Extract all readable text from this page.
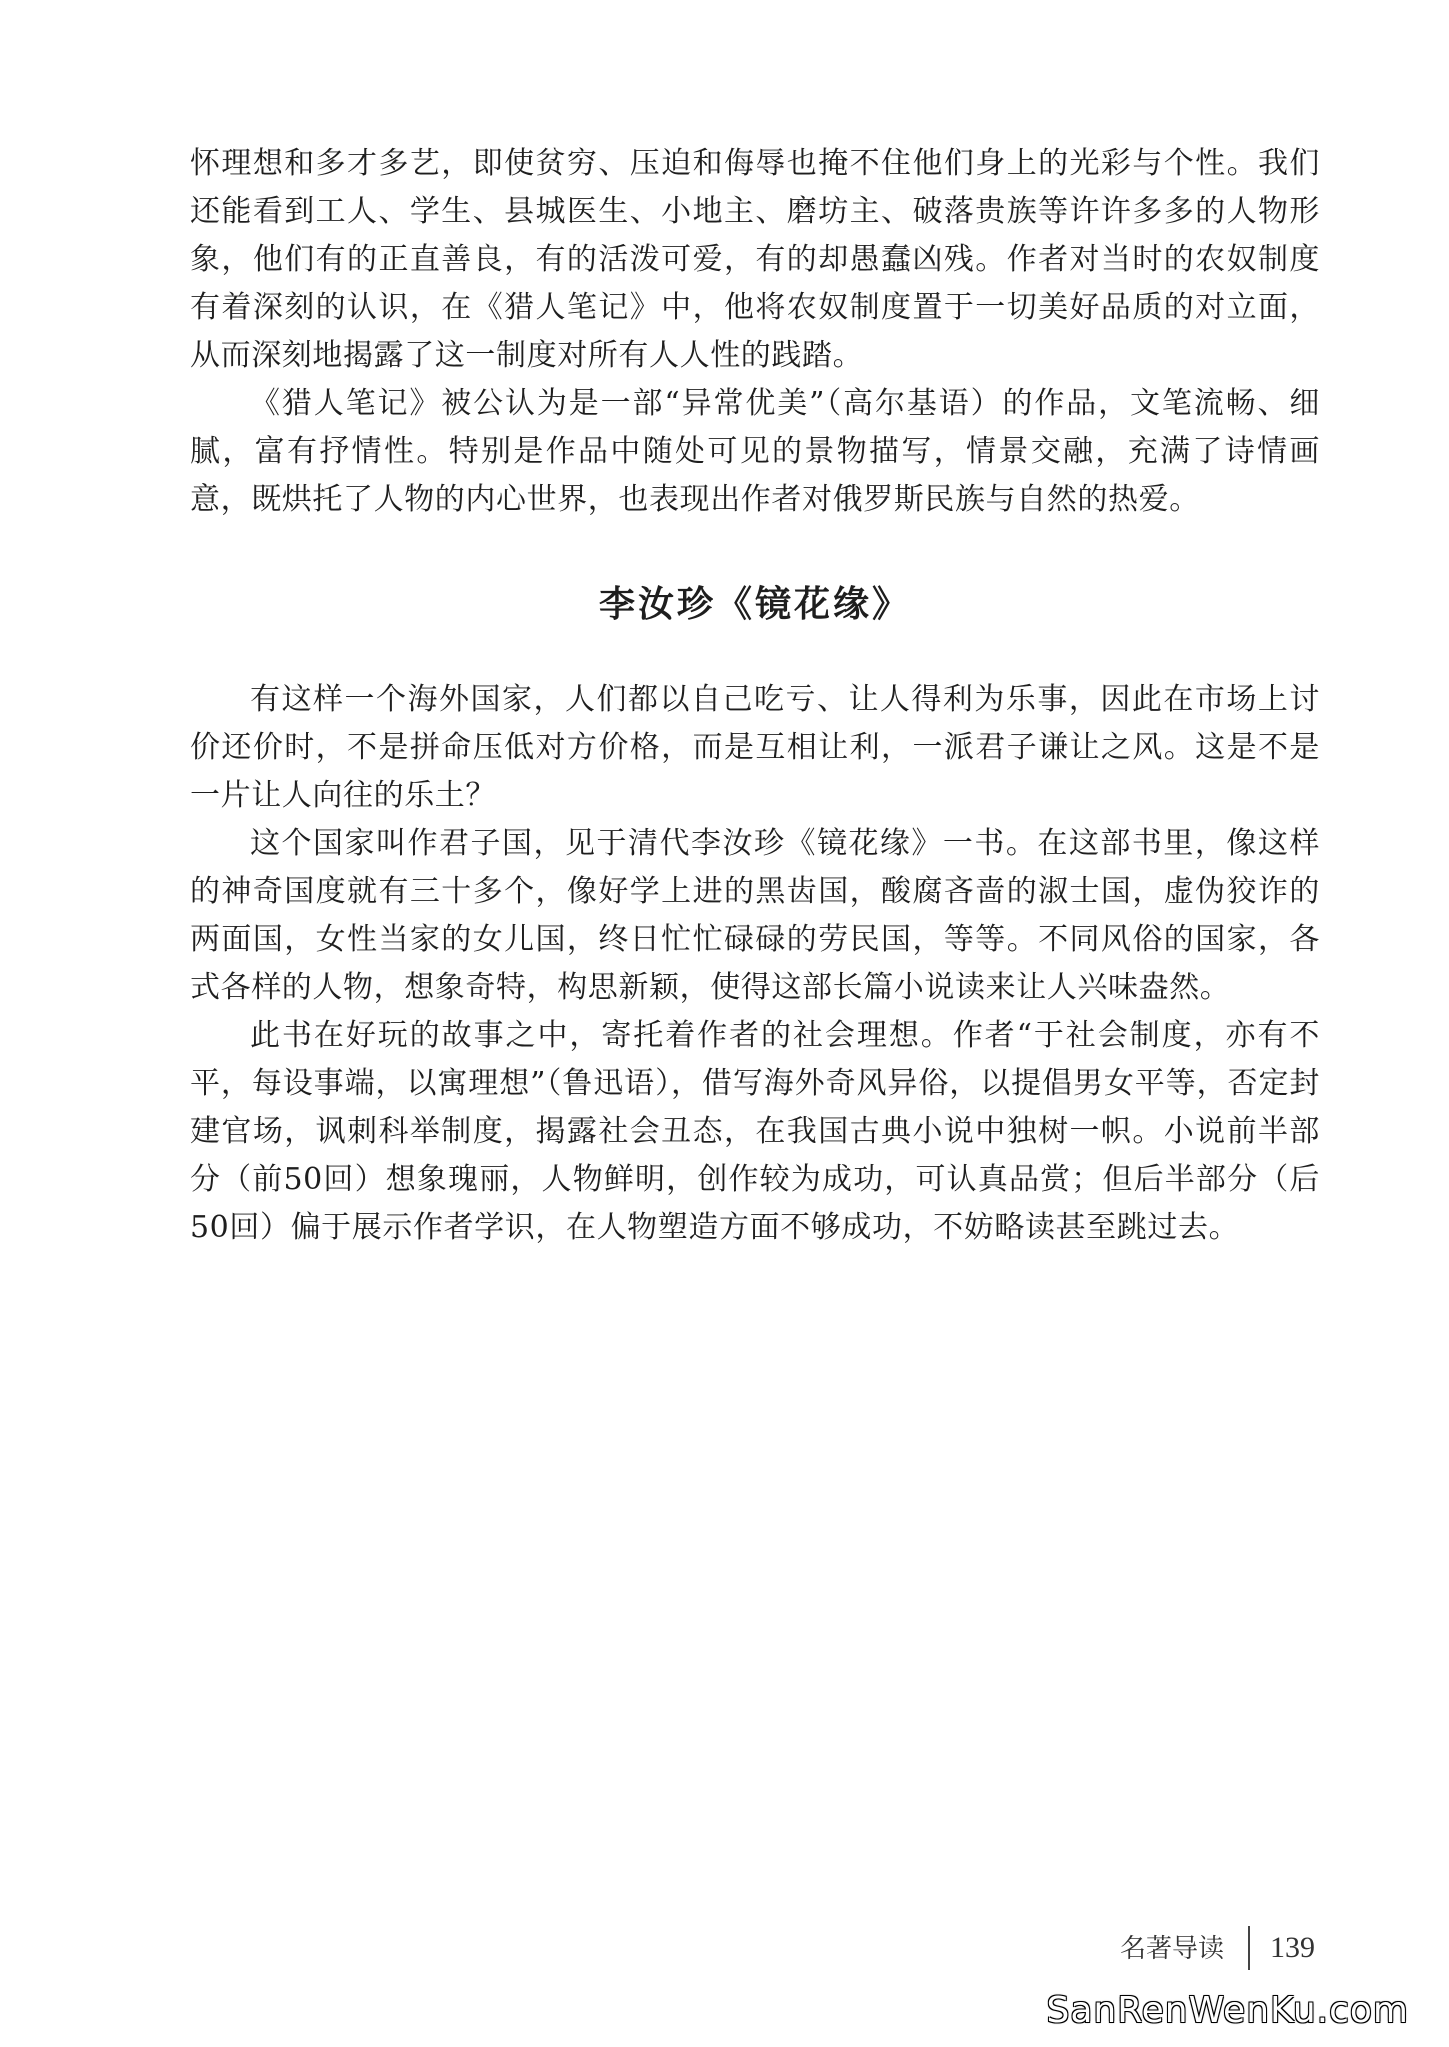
怀理想和多才多艺，即使贫穷、压迫和侮辱也掩不住他们身上的光彩与个性。我们还能看到工人、学生、县城医生、小地主、磨坊主、破落贵族等许许多多的人物形象，他们有的正直善良，有的活泼可爱，有的却愚蠢凶残。作者对当时的农奴制度有着深刻的认识，在《猎人笔记》中，他将农奴制度置于一切美好品质的对立面，从而深刻地揭露了这一制度对所有人人性的践踏。

《猎人笔记》被公认为是一部“异常优美”（高尔基语）的作品，文笔流畅、细腻，富有抒情性。特别是作品中随处可见的景物描写，情景交融，充满了诗情画意，既烘托了人物的内心世界，也表现出作者对俄罗斯民族与自然的热爱。

李汝珍《镜花缘》

有这样一个海外国家，人们都以自己吃亏、让人得利为乐事，因此在市场上讨价还价时，不是拼命压低对方价格，而是互相让利，一派君子谦让之风。这是不是一片让人向往的乐土？

这个国家叫作君子国，见于清代李汝珍《镜花缘》一书。在这部书里，像这样的神奇国度就有三十多个，像好学上进的黑齿国，酸腐吝啬的淑士国，虚伪狡诈的两面国，女性当家的女儿国，终日忙忙碌碌的劳民国，等等。不同风俗的国家，各式各样的人物，想象奇特，构思新颖，使得这部长篇小说读来让人兴味盎然。

此书在好玩的故事之中，寄托着作者的社会理想。作者“于社会制度，亦有不平，每设事端，以寓理想”（鲁迅语），借写海外奇风异俗，以提倡男女平等，否定封建官场，讽刺科举制度，揭露社会丑态，在我国古典小说中独树一帜。小说前半部分（前50回）想象瑰丽，人物鲜明，创作较为成功，可认真品赏；但后半部分（后50回）偏于展示作者学识，在人物塑造方面不够成功，不妨略读甚至跳过去。

名著导读 139
SanRenWenKu.com
